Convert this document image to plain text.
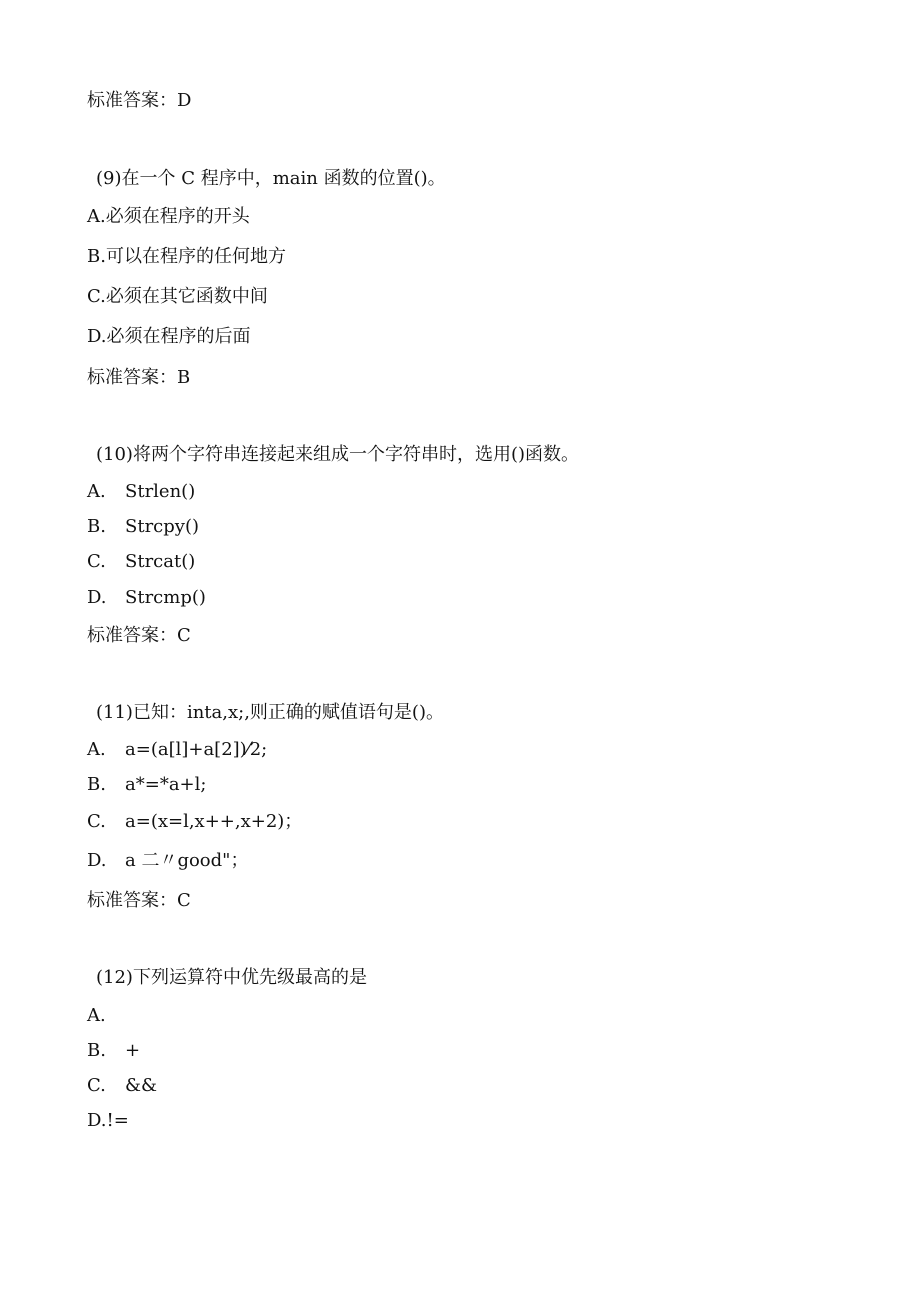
标准答案：D
(9)在一个 C 程序中，main 函数的位置()。
A.必须在程序的开头
B.可以在程序的任何地方
C.必须在其它函数中间
D.必须在程序的后面
标准答案：B
(10)将两个字符串连接起来组成一个字符串时，选用()函数。
A.	Strlen()
B.	Strcpy()
C.	Strcat()
D.	Strcmp()
标准答案：C
(11)已知：inta,x;,则正确的赋值语句是()。
A.	a=(a[l]+a[2])⁄2;
B.	a*=*a+l;
C.	a=(x=l,x++,x+2)；
D.	a 二〃good"；
标准答案：C
(12)下列运算符中优先级最高的是
A.
B.	+
C.	&&
D.!=
